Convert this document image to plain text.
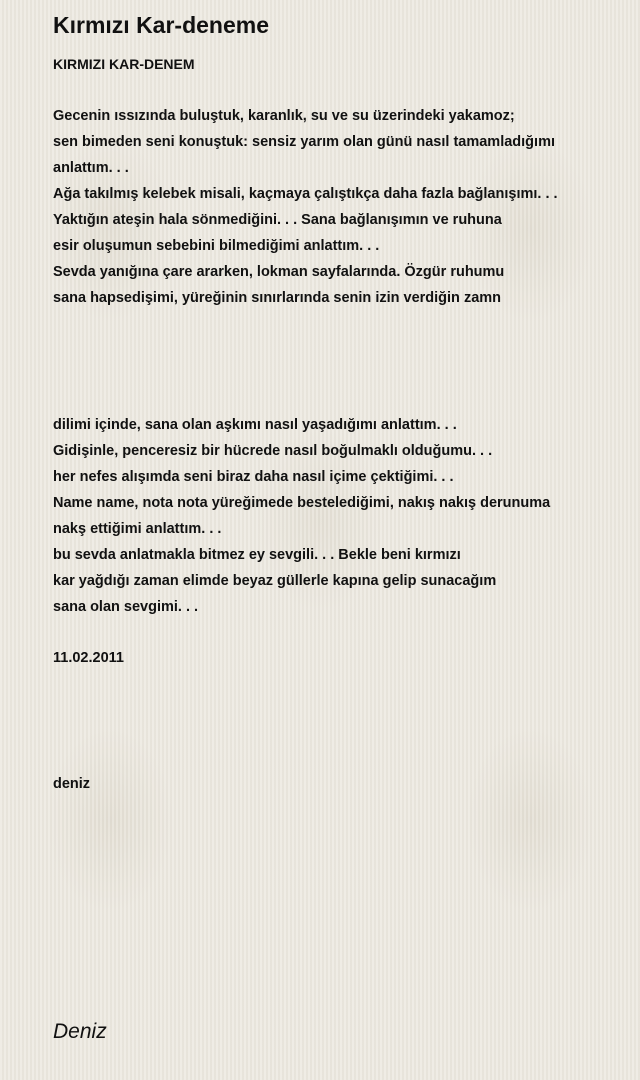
Kırmızı Kar-deneme
KIRMIZI KAR-DENEM
Gecenin ıssızında buluştuk, karanlık, su ve su üzerindeki yakamoz;
sen bimeden seni konuştuk: sensiz yarım olan günü nasıl tamamladığımı
anlattım. . .
Ağa takılmış kelebek misali, kaçmaya çalıştıkça daha fazla bağlanışımı. . .
Yaktığın ateşin hala sönmediğini. . . Sana bağlanışımın ve ruhuna
esir oluşumun sebebini bilmediğimi anlattım. . .
Sevda yanığına çare ararken, lokman sayfalarında. Özgür ruhumu
sana hapsedişimi, yüreğinin sınırlarında senin izin verdiğin zamn
dilimi içinde, sana olan aşkımı nasıl yaşadığımı anlattım. . .
Gidişinle, penceresiz bir hücrede nasıl boğulmaklı olduğumu. . .
her nefes alışımda seni biraz daha nasıl içime çektiğimi. . .
Name name, nota nota yüreğimede bestelediğimi, nakış nakış derunuma
nakş ettiğimi anlattım. . .
bu sevda anlatmakla bitmez ey sevgili. . . Bekle beni kırmızı
kar yağdığı zaman elimde beyaz güllerle kapına gelip sunacağım
sana olan sevgimi. . .
11.02.2011
deniz
Deniz
